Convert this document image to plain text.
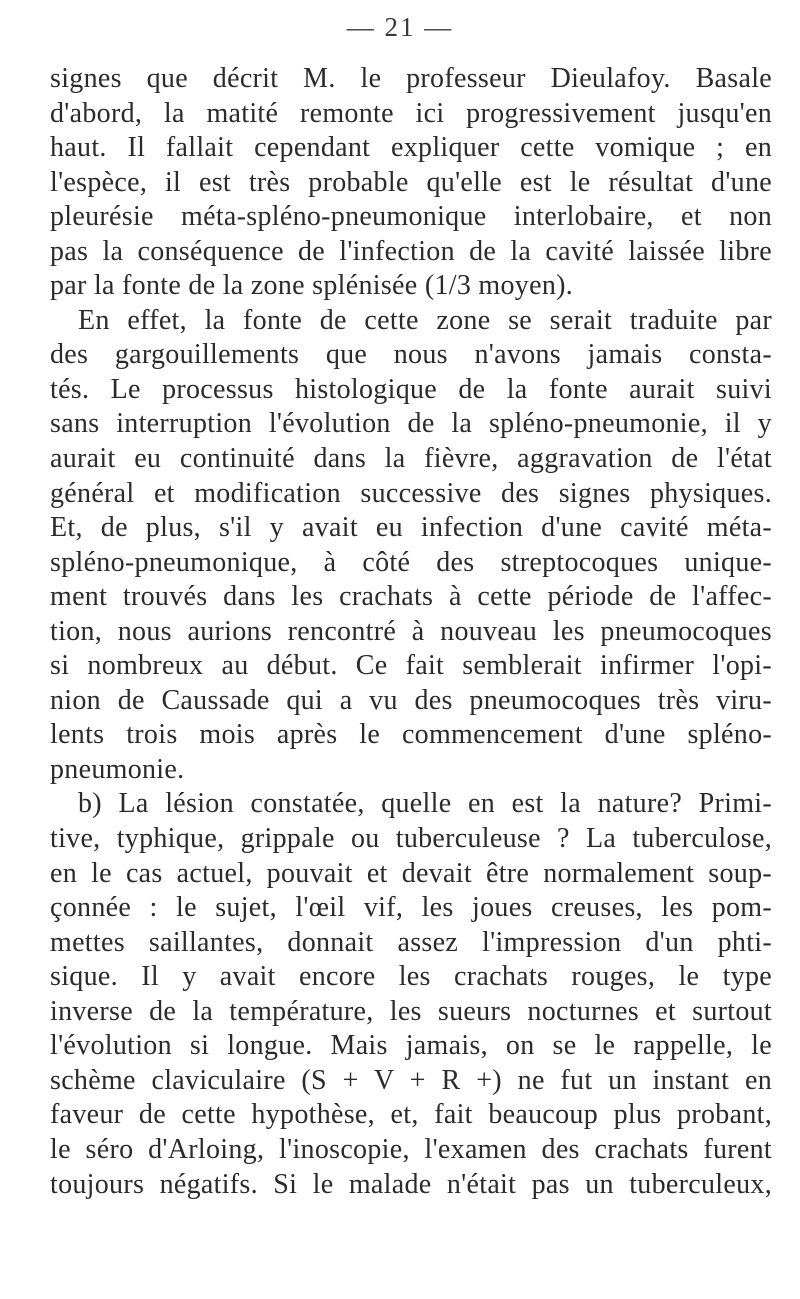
— 21 —
signes que décrit M. le professeur Dieulafoy. Basale
d'abord, la matité remonte ici progressivement jusqu'en
haut. Il fallait cependant expliquer cette vomique ; en
l'espèce, il est très probable qu'elle est le résultat d'une
pleurésie méta-spléno-pneumonique interlobaire, et non
pas la conséquence de l'infection de la cavité laissée libre
par la fonte de la zone splénisée (1/3 moyen).
En effet, la fonte de cette zone se serait traduite par
des gargouillements que nous n'avons jamais consta-
tés. Le processus histologique de la fonte aurait suivi
sans interruption l'évolution de la spléno-pneumonie, il y
aurait eu continuité dans la fièvre, aggravation de l'état
général et modification successive des signes physiques.
Et, de plus, s'il y avait eu infection d'une cavité méta-
spléno-pneumonique, à côté des streptocoques unique-
ment trouvés dans les crachats à cette période de l'affec-
tion, nous aurions rencontré à nouveau les pneumocoques
si nombreux au début. Ce fait semblerait infirmer l'opi-
nion de Caussade qui a vu des pneumocoques très viru-
lents trois mois après le commencement d'une spléno-
pneumonie.
b) La lésion constatée, quelle en est la nature? Primi-
tive, typhique, grippale ou tuberculeuse ? La tuberculose,
en le cas actuel, pouvait et devait être normalement soup-
çonnée : le sujet, l'œil vif, les joues creuses, les pom-
mettes saillantes, donnait assez l'impression d'un phti-
sique. Il y avait encore les crachats rouges, le type
inverse de la température, les sueurs nocturnes et surtout
l'évolution si longue. Mais jamais, on se le rappelle, le
schème claviculaire (S + V + R +) ne fut un instant en
faveur de cette hypothèse, et, fait beaucoup plus probant,
le séro d'Arloing, l'inoscopie, l'examen des crachats furent
toujours négatifs. Si le malade n'était pas un tuberculeux,
